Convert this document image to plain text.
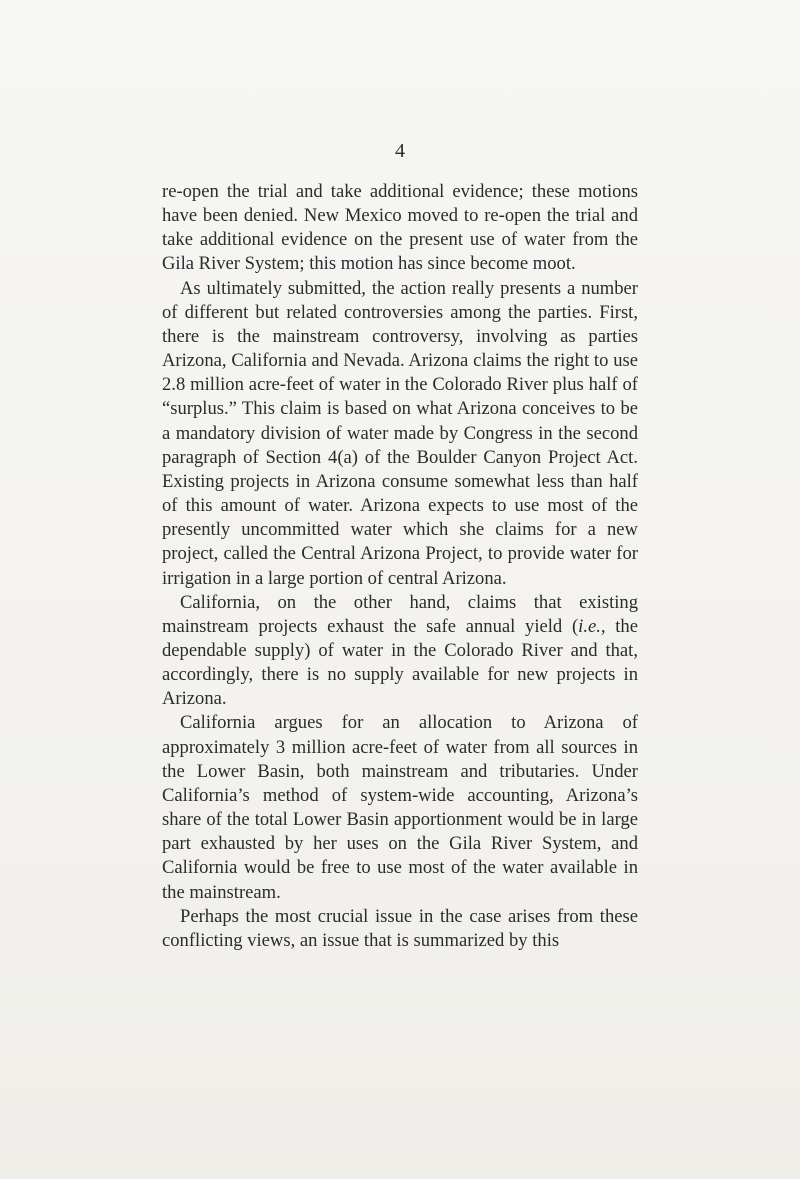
4

re-open the trial and take additional evidence; these motions have been denied. New Mexico moved to re-open the trial and take additional evidence on the present use of water from the Gila River System; this motion has since become moot.

As ultimately submitted, the action really presents a number of different but related controversies among the parties. First, there is the mainstream controversy, involving as parties Arizona, California and Nevada. Arizona claims the right to use 2.8 million acre-feet of water in the Colorado River plus half of “surplus.” This claim is based on what Arizona conceives to be a mandatory division of water made by Congress in the second paragraph of Section 4(a) of the Boulder Canyon Project Act. Existing projects in Arizona consume somewhat less than half of this amount of water. Arizona expects to use most of the presently uncommitted water which she claims for a new project, called the Central Arizona Project, to provide water for irrigation in a large portion of central Arizona.

California, on the other hand, claims that existing mainstream projects exhaust the safe annual yield (i.e., the dependable supply) of water in the Colorado River and that, accordingly, there is no supply available for new projects in Arizona.

California argues for an allocation to Arizona of approximately 3 million acre-feet of water from all sources in the Lower Basin, both mainstream and tributaries. Under California’s method of system-wide accounting, Arizona’s share of the total Lower Basin apportionment would be in large part exhausted by her uses on the Gila River System, and California would be free to use most of the water available in the mainstream.

Perhaps the most crucial issue in the case arises from these conflicting views, an issue that is summarized by this
